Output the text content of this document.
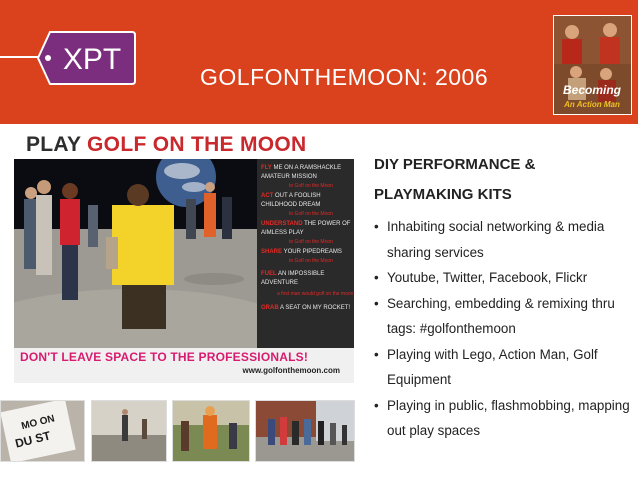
XPT
GOLFONTHEMOON: 2006	Becoming
An Action Man
PLAY GOLF ON THE MOON
FLY ME ON A RAMSHACKLE
AMATEUR MISSION
to Golf on the Moon
ACT OUT A FOOLISH
CHILDHOOD DREAM
to Golf on the Moon
UNDERSTAND THE POWER OF
AIMLESS PLAY
to Golf on the Moon
SHARE YOUR PIPEDREAMS
to Golf on the Moon
FUEL AN IMPOSSIBLE
ADVENTURE
a first man would golf on the moon
GRAB A SEAT ON MY ROCKET!
DON'T LEAVE SPACE TO THE PROFESSIONALS!
www.golfonthemoon.com
MO ON
DU ST
DIY PERFORMANCE &
PLAYMAKING KITS
• Inhabiting social networking & media sharing services
• Youtube, Twitter, Facebook, Flickr
• Searching, embedding & remixing thru tags: #golfonthemoon
• Playing with Lego, Action Man, Golf Equipment
• Playing in public, flashmobbing, mapping out play spaces
